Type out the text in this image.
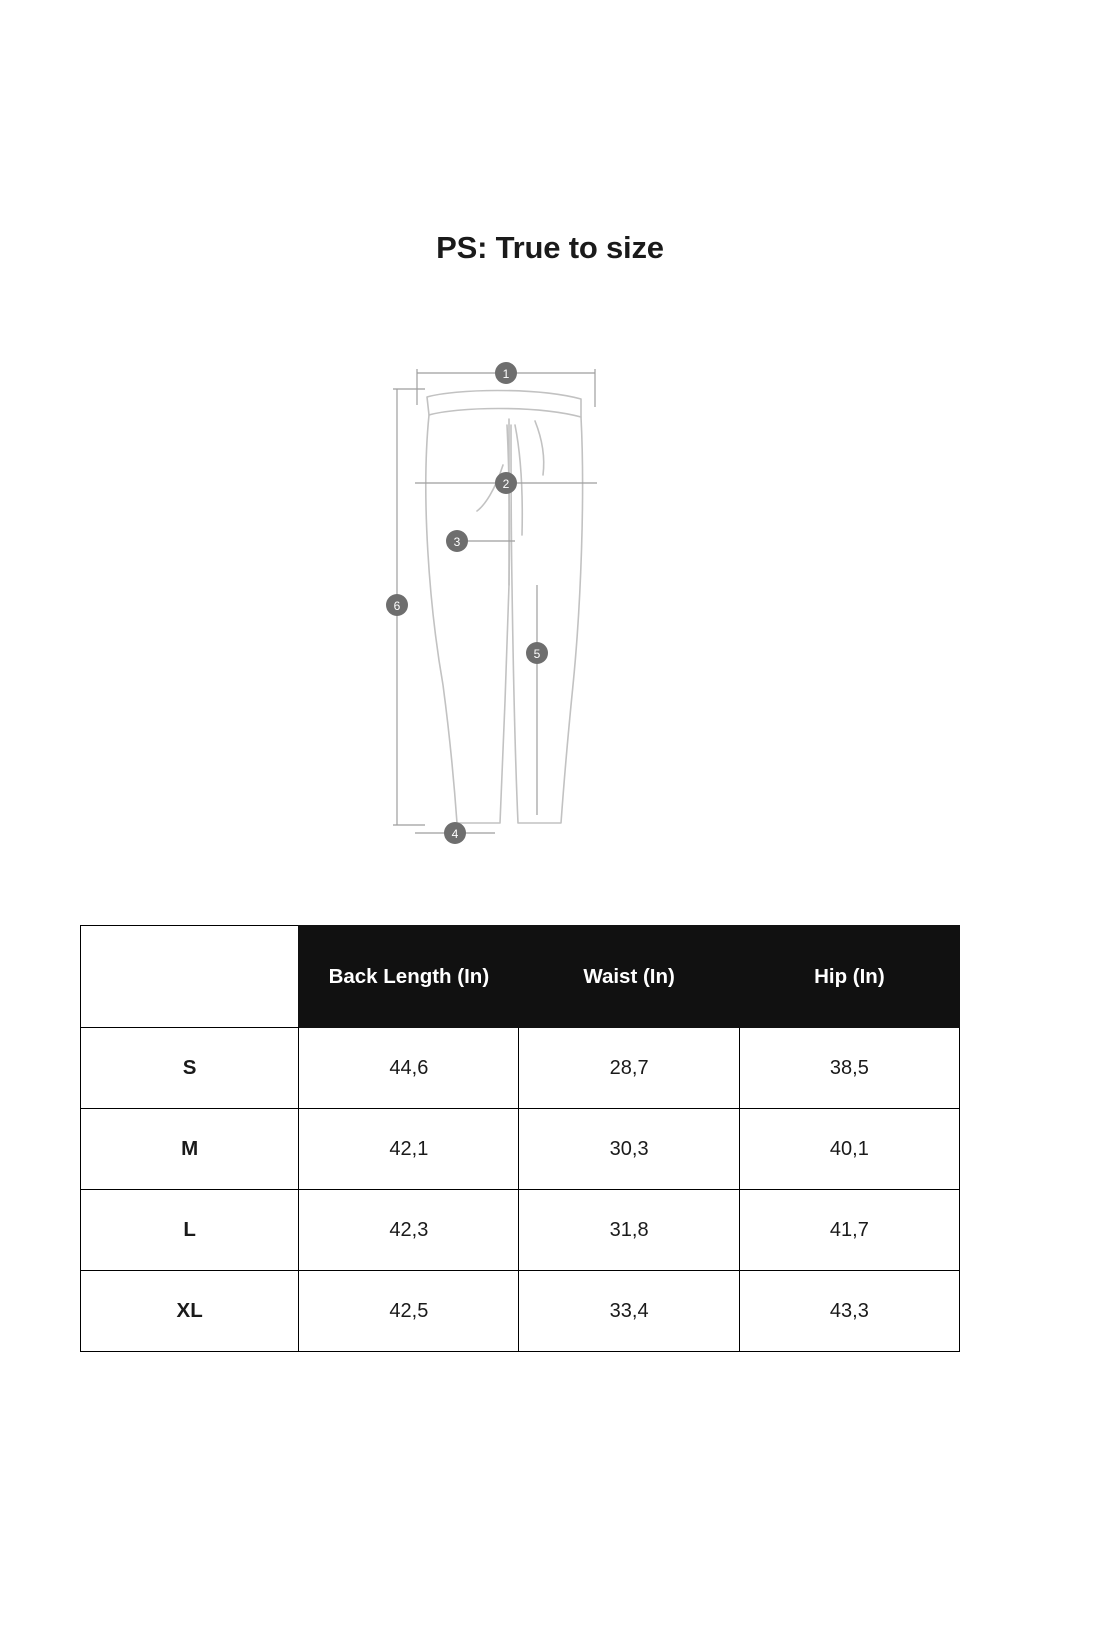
PS: True to size
1
2
3
5
6
4
	Back Length (In)	Waist (In)	Hip (In)
S	44,6	28,7	38,5
M	42,1	30,3	40,1
L	42,3	31,8	41,7
XL	42,5	33,4	43,3
